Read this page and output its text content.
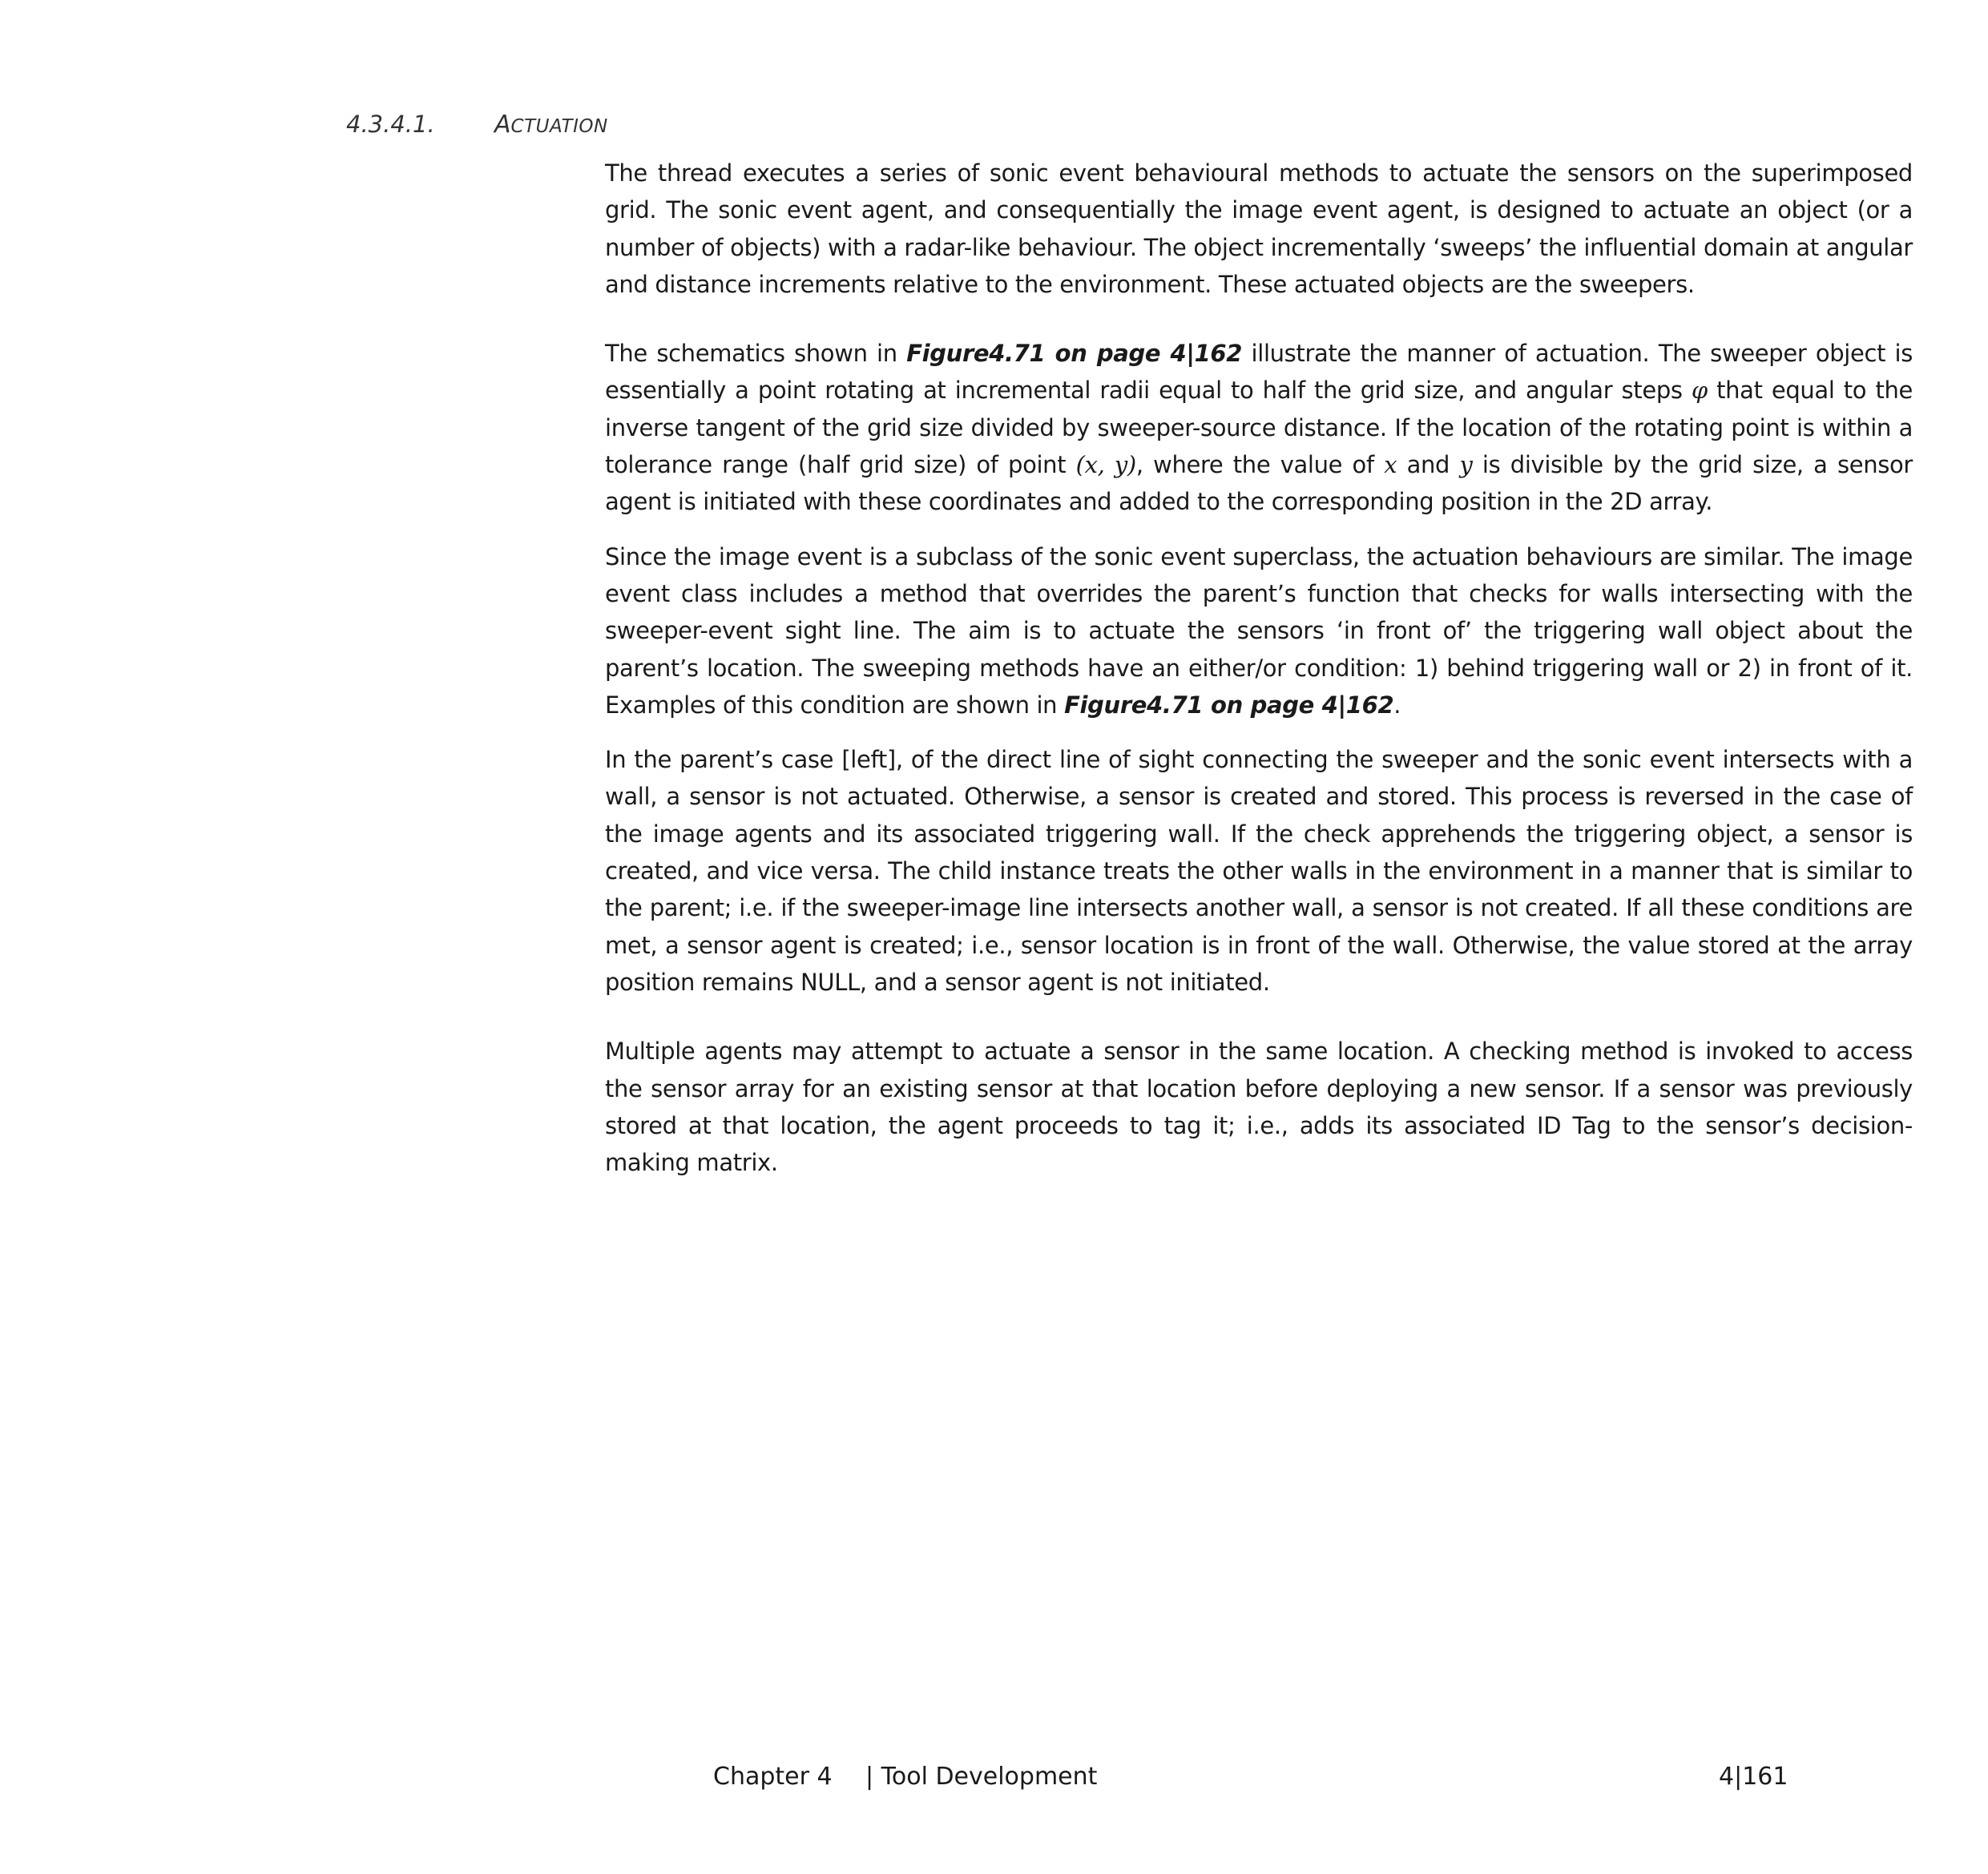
4.3.4.1. ACTUATION

The thread executes a series of sonic event behavioural methods to actuate the sensors on the superimposed grid. The sonic event agent, and consequentially the image event agent, is designed to actuate an object (or a number of objects) with a radar-like behaviour. The object incrementally ‘sweeps’ the influential domain at angular and distance increments relative to the environment. These actuated objects are the sweepers.

The schematics shown in Figure4.71 on page 4|162 illustrate the manner of actuation. The sweeper object is essentially a point rotating at incremental radii equal to half the grid size, and angular steps φ that equal to the inverse tangent of the grid size divided by sweeper-source distance. If the location of the rotating point is within a tolerance range (half grid size) of point (x, y), where the value of x and y is divisible by the grid size, a sensor agent is initiated with these coordinates and added to the corresponding position in the 2D array.

Since the image event is a subclass of the sonic event superclass, the actuation behaviours are similar. The image event class includes a method that overrides the parent’s function that checks for walls intersecting with the sweeper-event sight line. The aim is to actuate the sensors ‘in front of’ the triggering wall object about the parent’s location. The sweeping methods have an either/or condition: 1) behind triggering wall or 2) in front of it. Examples of this condition are shown in Figure4.71 on page 4|162.

In the parent’s case [left], of the direct line of sight connecting the sweeper and the sonic event intersects with a wall, a sensor is not actuated. Otherwise, a sensor is created and stored. This process is reversed in the case of the image agents and its associated triggering wall. If the check apprehends the triggering object, a sensor is created, and vice versa. The child instance treats the other walls in the environment in a manner that is similar to the parent; i.e. if the sweeper-image line intersects another wall, a sensor is not created. If all these conditions are met, a sensor agent is created; i.e., sensor location is in front of the wall. Otherwise, the value stored at the array position remains NULL, and a sensor agent is not initiated.

Multiple agents may attempt to actuate a sensor in the same location. A checking method is invoked to access the sensor array for an existing sensor at that location before deploying a new sensor. If a sensor was previously stored at that location, the agent proceeds to tag it; i.e., adds its associated ID Tag to the sensor’s decision-making matrix.

Chapter 4 | Tool Development	4|161
